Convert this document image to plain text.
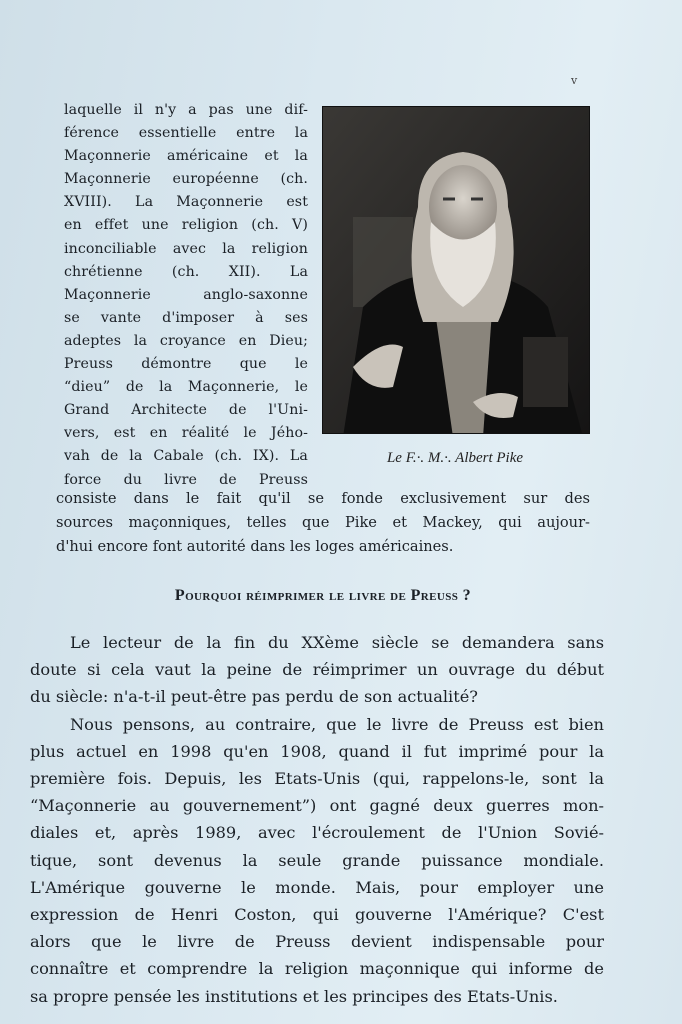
v
laquelle il n'y a pas une dif-
férence essentielle entre la
Maçonnerie américaine et la
Maçonnerie européenne (ch.
XVIII). La Maçonnerie est
en effet une religion (ch. V)
inconciliable avec la religion
chrétienne (ch. XII). La
Maçonnerie anglo-saxonne
se vante d'imposer à ses
adeptes la croyance en Dieu;
Preuss démontre que le
“dieu” de la Maçonnerie, le
Grand Architecte de l'Uni-
vers, est en réalité le Jého-
vah de la Cabale (ch. IX). La
force du livre de Preuss
Le F.·. M.·. Albert Pike
consiste dans le fait qu'il se fonde exclusivement sur des
sources maçonniques, telles que Pike et Mackey, qui aujour-
d'hui encore font autorité dans les loges américaines.
Pourquoi réimprimer le livre de Preuss ?
Le lecteur de la fin du XXème siècle se demandera sans
doute si cela vaut la peine de réimprimer un ouvrage du début
du siècle: n'a-t-il peut-être pas perdu de son actualité?
Nous pensons, au contraire, que le livre de Preuss est bien
plus actuel en 1998 qu'en 1908, quand il fut imprimé pour la
première fois. Depuis, les Etats-Unis (qui, rappelons-le, sont la
“Maçonnerie au gouvernement”) ont gagné deux guerres mon-
diales et, après 1989, avec l'écroulement de l'Union Sovié-
tique, sont devenus la seule grande puissance mondiale.
L'Amérique gouverne le monde. Mais, pour employer une
expression de Henri Coston, qui gouverne l'Amérique? C'est
alors que le livre de Preuss devient indispensable pour
connaître et comprendre la religion maçonnique qui informe de
sa propre pensée les institutions et les principes des Etats-Unis.
